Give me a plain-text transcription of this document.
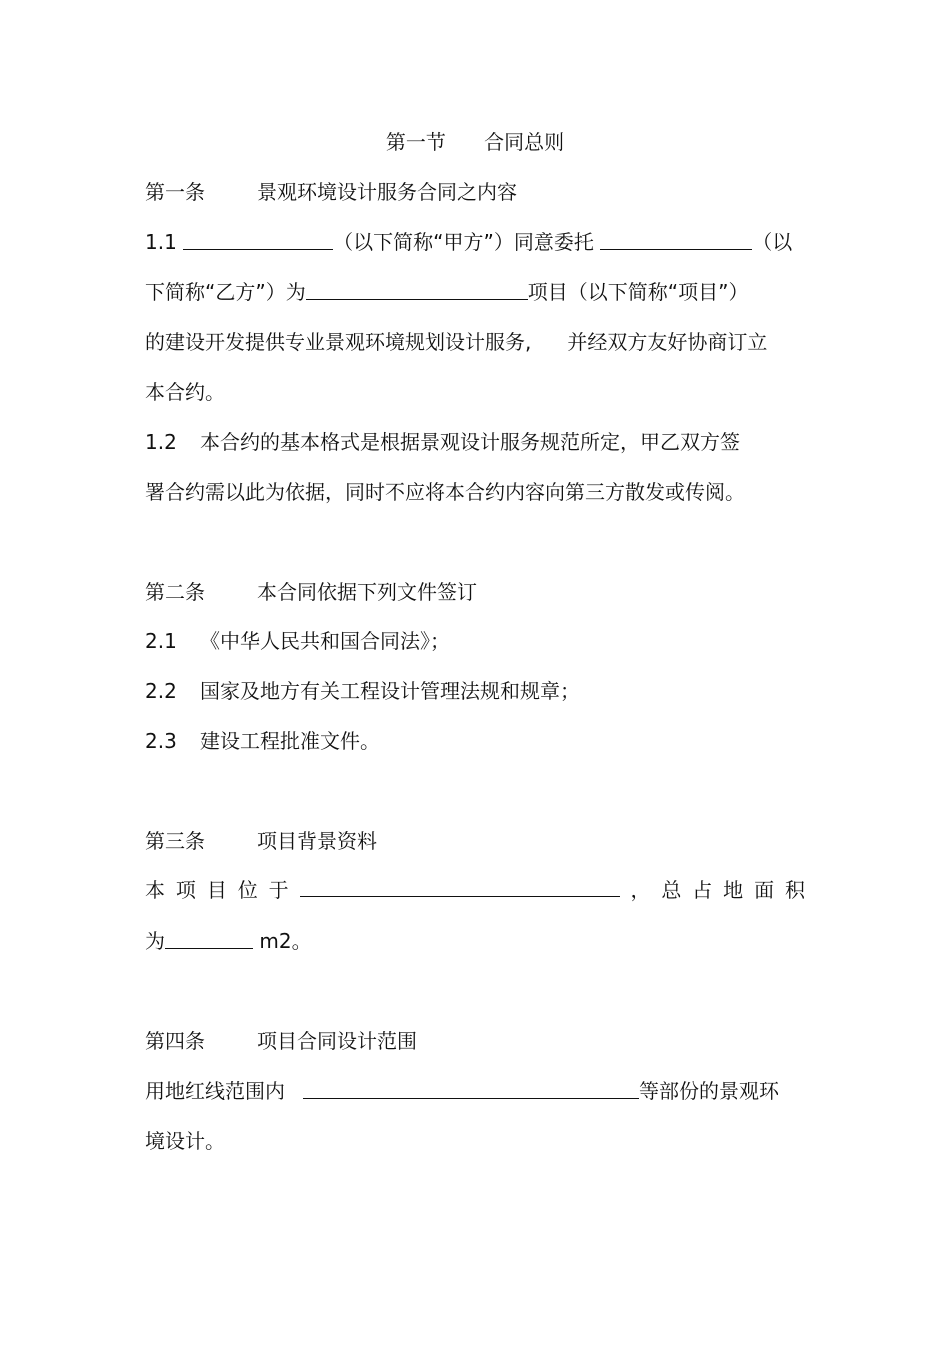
第一节      合同总则
第一条	景观环境设计服务合同之内容
1.1	（以下简称“甲方”）同意委托	（以
下简称“乙方”）为	项目（以下简称“项目”）
的建设开发提供专业景观环境规划设计服务, 并经双方友好协商订立
本合约。
1.2 本合约的基本格式是根据景观设计服务规范所定，甲乙双方签
署合约需以此为依据，同时不应将本合约内容向第三方散发或传阅。
第二条	本合同依据下列文件签订
2.1 《中华人民共和国合同法》；
2.2 国家及地方有关工程设计管理法规和规章；
2.3 建设工程批准文件。
第三条	项目背景资料
本 项 目 位 于	， 总 占 地 面 积
为	m2。
第四条	项目合同设计范围
用地红线范围内	等部份的景观环
境设计。
